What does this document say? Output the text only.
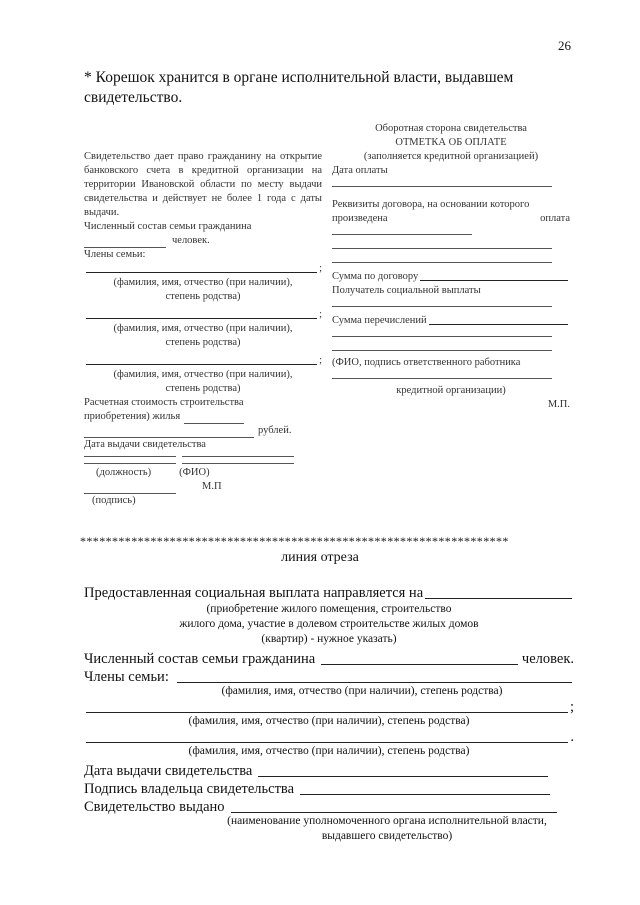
26
* Корешок хранится в органе исполнительной власти, выдавшем
свидетельство.
Оборотная сторона свидетельства
ОТМЕТКА ОБ ОПЛАТЕ
(заполняется кредитной организацией)
Дата оплаты
Реквизиты договора, на основании которого
произведена	оплата

Сумма по договору
Получатель социальной выплаты
Сумма перечислений

(ФИО, подпись ответственного работника
кредитной организации)
М.П.
Свидетельство дает право гражданину на открытие банковского счета в кредитной организации на территории Ивановской области по месту выдачи свидетельства и действует не более 1 года с даты выдачи.
Численный состав семьи гражданина
человек.
Члены семьи:
;
(фамилия, имя, отчество (при наличии),
степень родства)
;
(фамилия, имя, отчество (при наличии),
степень родства)
;
(фамилия, имя, отчество (при наличии),
степень родства)
Расчетная стоимость строительства
приобретения) жилья
рублей.
Дата выдачи свидетельства
(должность)	(ФИО)
М.П
(подпись)
*******************************************************************
линия отреза
Предоставленная социальная выплата направляется на
(приобретение жилого помещения, строительство
жилого дома, участие в долевом строительстве жилых домов
(квартир) - нужное указать)
Численный состав семьи гражданина	человек.
Члены семьи:
(фамилия, имя, отчество (при наличии), степень родства)
;
(фамилия, имя, отчество (при наличии), степень родства)
.
(фамилия, имя, отчество (при наличии), степень родства)
Дата выдачи свидетельства
Подпись владельца свидетельства
Свидетельство выдано
(наименование уполномоченного органа исполнительной власти,
выдавшего свидетельство)
